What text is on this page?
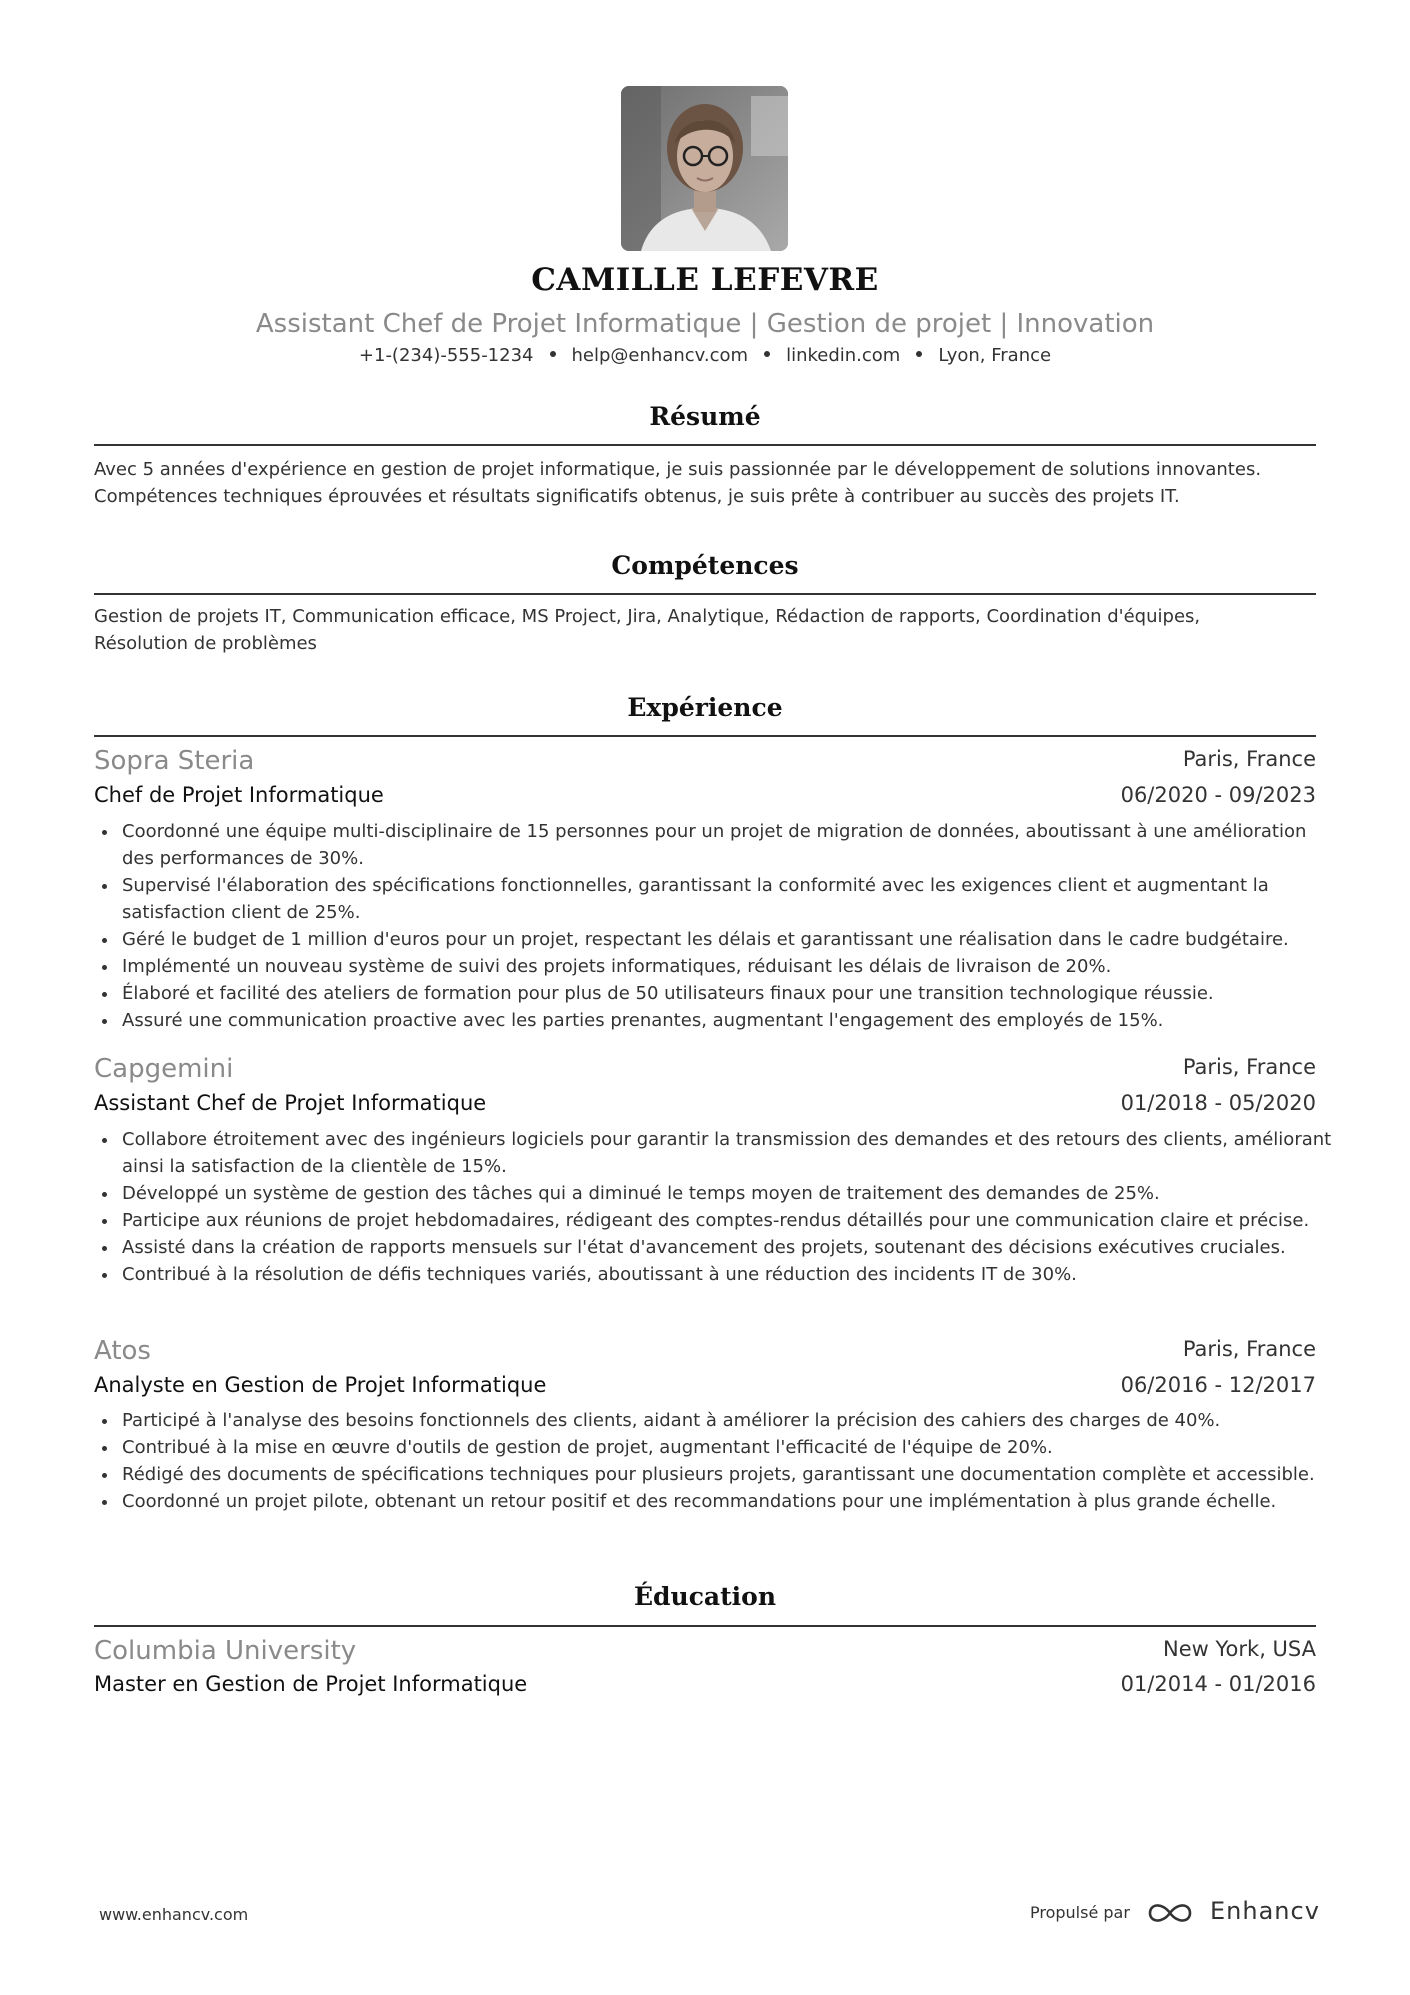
CAMILLE LEFEVRE
Assistant Chef de Projet Informatique | Gestion de projet | Innovation
+1-(234)-555-1234 help@enhancv.com linkedin.com Lyon, France
Résumé
Avec 5 années d'expérience en gestion de projet informatique, je suis passionnée par le développement de solutions innovantes.
Compétences techniques éprouvées et résultats significatifs obtenus, je suis prête à contribuer au succès des projets IT.
Compétences
Gestion de projets IT, Communication efficace, MS Project, Jira, Analytique, Rédaction de rapports, Coordination d'équipes,
Résolution de problèmes
Expérience
Sopra Steria	Paris, France
Chef de Projet Informatique	06/2020 - 09/2023
Coordonné une équipe multi-disciplinaire de 15 personnes pour un projet de migration de données, aboutissant à une amélioration des performances de 30%.
Supervisé l'élaboration des spécifications fonctionnelles, garantissant la conformité avec les exigences client et augmentant la satisfaction client de 25%.
Géré le budget de 1 million d'euros pour un projet, respectant les délais et garantissant une réalisation dans le cadre budgétaire.
Implémenté un nouveau système de suivi des projets informatiques, réduisant les délais de livraison de 20%.
Élaboré et facilité des ateliers de formation pour plus de 50 utilisateurs finaux pour une transition technologique réussie.
Assuré une communication proactive avec les parties prenantes, augmentant l'engagement des employés de 15%.
Capgemini	Paris, France
Assistant Chef de Projet Informatique	01/2018 - 05/2020
Collabore étroitement avec des ingénieurs logiciels pour garantir la transmission des demandes et des retours des clients, améliorant ainsi la satisfaction de la clientèle de 15%.
Développé un système de gestion des tâches qui a diminué le temps moyen de traitement des demandes de 25%.
Participe aux réunions de projet hebdomadaires, rédigeant des comptes-rendus détaillés pour une communication claire et précise.
Assisté dans la création de rapports mensuels sur l'état d'avancement des projets, soutenant des décisions exécutives cruciales.
Contribué à la résolution de défis techniques variés, aboutissant à une réduction des incidents IT de 30%.
Atos	Paris, France
Analyste en Gestion de Projet Informatique	06/2016 - 12/2017
Participé à l'analyse des besoins fonctionnels des clients, aidant à améliorer la précision des cahiers des charges de 40%.
Contribué à la mise en œuvre d'outils de gestion de projet, augmentant l'efficacité de l'équipe de 20%.
Rédigé des documents de spécifications techniques pour plusieurs projets, garantissant une documentation complète et accessible.
Coordonné un projet pilote, obtenant un retour positif et des recommandations pour une implémentation à plus grande échelle.
Éducation
Columbia University	New York, USA
Master en Gestion de Projet Informatique	01/2014 - 01/2016
www.enhancv.com	Propulsé par	Enhancv
